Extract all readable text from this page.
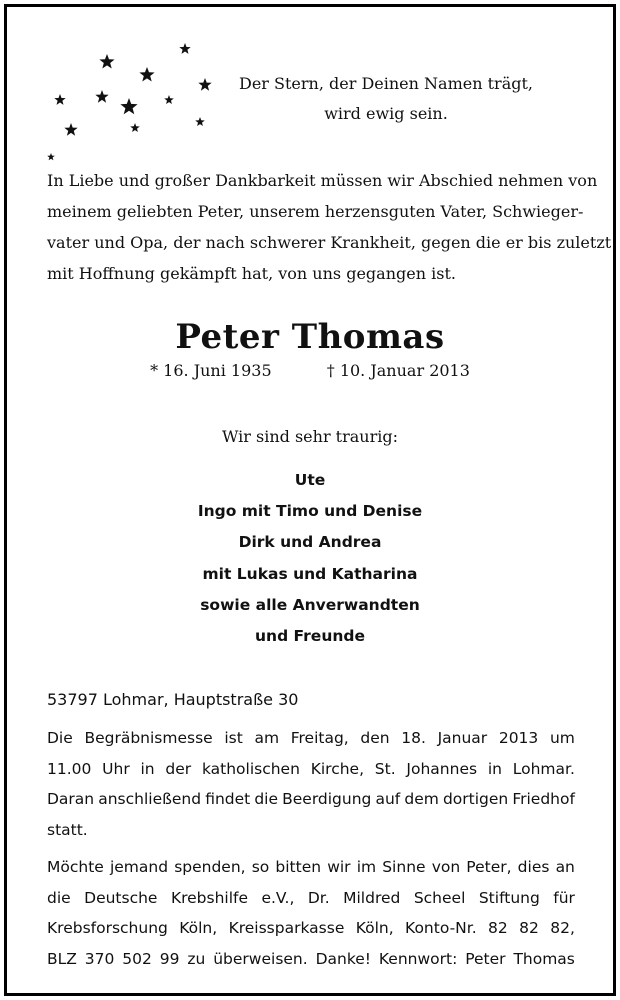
Der Stern, der Deinen Namen trägt,
wird ewig sein.
In Liebe und großer Dankbarkeit müssen wir Abschied nehmen von
meinem geliebten Peter, unserem herzensguten Vater, Schwieger-
vater und Opa, der nach schwerer Krankheit, gegen die er bis zuletzt
mit Hoffnung gekämpft hat, von uns gegangen ist.
Peter Thomas
* 16. Juni 1935	† 10. Januar 2013
Wir sind sehr traurig:
Ute
Ingo mit Timo und Denise
Dirk und Andrea
mit Lukas und Katharina
sowie alle Anverwandten
und Freunde
53797 Lohmar, Hauptstraße 30
Die Begräbnismesse ist am Freitag, den 18. Januar 2013 um
11.00 Uhr in der katholischen Kirche, St. Johannes in Lohmar.
Daran anschließend findet die Beerdigung auf dem dortigen Friedhof
statt.
Möchte jemand spenden, so bitten wir im Sinne von Peter, dies an
die Deutsche Krebshilfe e.V., Dr. Mildred Scheel Stiftung für
Krebsforschung Köln, Kreissparkasse Köln, Konto-Nr. 82 82 82,
BLZ 370 502 99 zu überweisen. Danke! Kennwort: Peter Thomas
